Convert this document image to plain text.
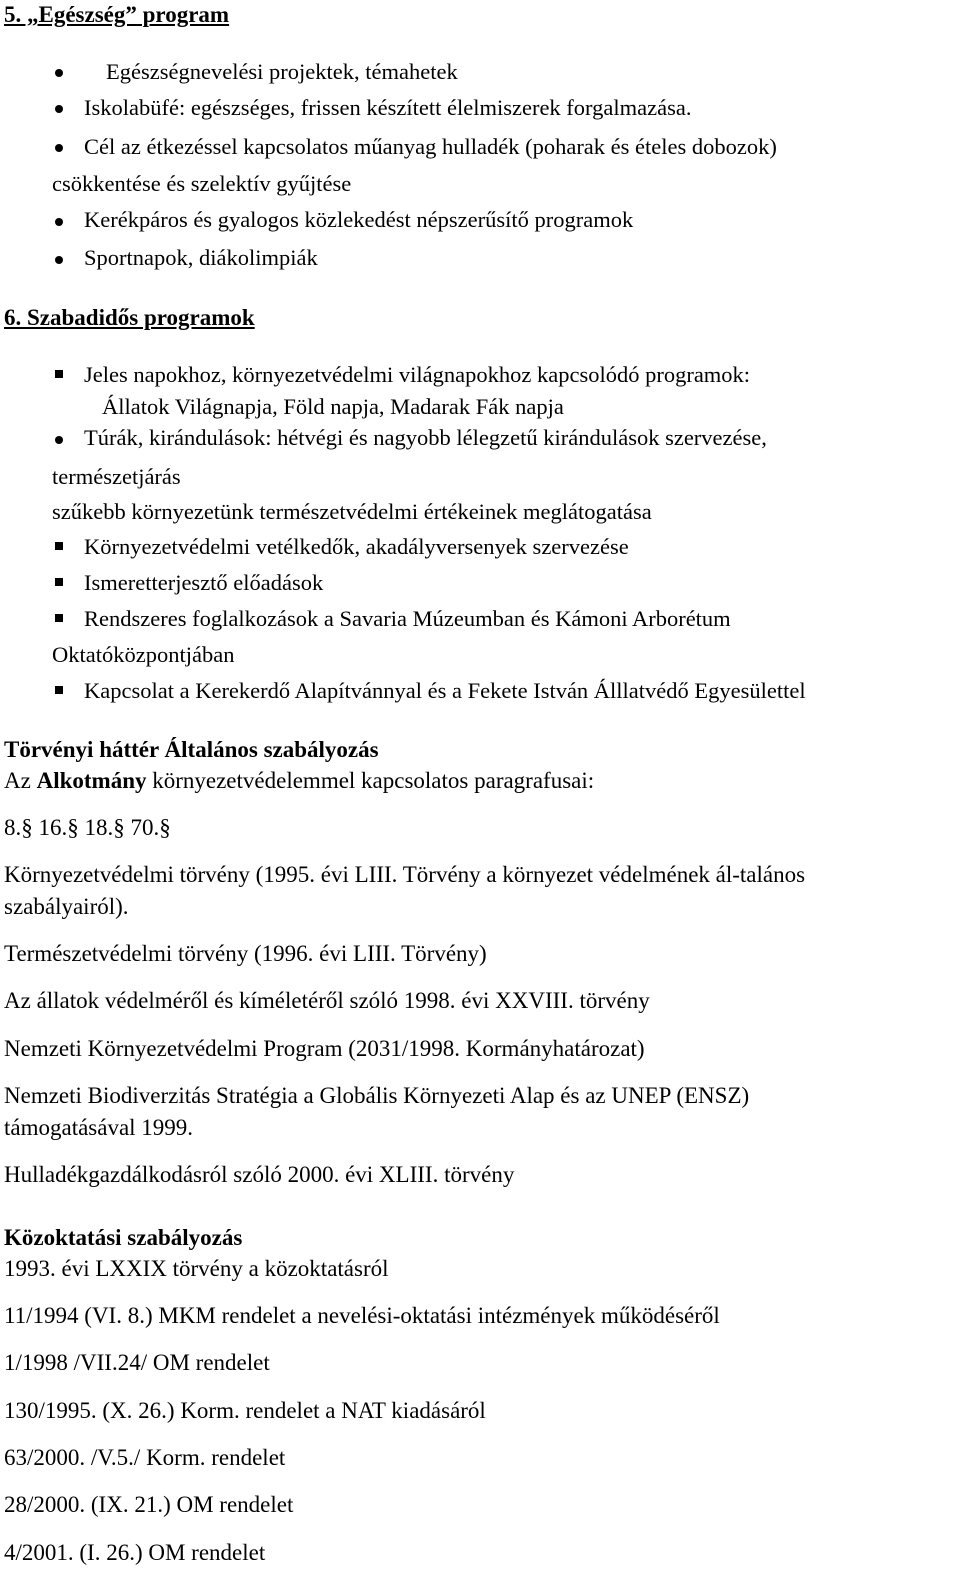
5. „Egészség” program
Egészségnevelési projektek, témahetek
Iskolabüfé: egészséges, frissen készített élelmiszerek forgalmazása.
Cél az étkezéssel kapcsolatos műanyag hulladék (poharak és ételes dobozok)
csökkentése és szelektív gyűjtése
Kerékpáros és gyalogos közlekedést népszerűsítő programok
Sportnapok, diákolimpiák
6. Szabadidős programok
Jeles napokhoz, környezetvédelmi világnapokhoz kapcsolódó programok:
Állatok Világnapja, Föld napja, Madarak Fák napja
Túrák, kirándulások: hétvégi és nagyobb lélegzetű kirándulások szervezése,
természetjárás
szűkebb környezetünk természetvédelmi értékeinek meglátogatása
Környezetvédelmi vetélkedők, akadályversenyek szervezése
Ismeretterjesztő előadások
Rendszeres foglalkozások a Savaria Múzeumban és Kámoni Arborétum
Oktatóközpontjában
Kapcsolat a Kerekerdő Alapítvánnyal és a Fekete István Álllatvédő Egyesülettel
Törvényi háttér Általános szabályozás
Az Alkotmány környezetvédelemmel kapcsolatos paragrafusai:
8.§ 16.§ 18.§ 70.§
Környezetvédelmi törvény (1995. évi LIII. Törvény a környezet védelmének ál-talános
szabályairól).
Természetvédelmi törvény (1996. évi LIII. Törvény)
Az állatok védelméről és kíméletéről szóló 1998. évi XXVIII. törvény
Nemzeti Környezetvédelmi Program (2031/1998. Kormányhatározat)
Nemzeti Biodiverzitás Stratégia a Globális Környezeti Alap és az UNEP (ENSZ)
támogatásával 1999.
Hulladékgazdálkodásról szóló 2000. évi XLIII. törvény
Közoktatási szabályozás
1993. évi LXXIX törvény a közoktatásról
11/1994 (VI. 8.) MKM rendelet a nevelési-oktatási intézmények működéséről
1/1998 /VII.24/ OM rendelet
130/1995. (X. 26.) Korm. rendelet a NAT kiadásáról
63/2000. /V.5./ Korm. rendelet
28/2000. (IX. 21.) OM rendelet
4/2001. (I. 26.) OM rendelet
